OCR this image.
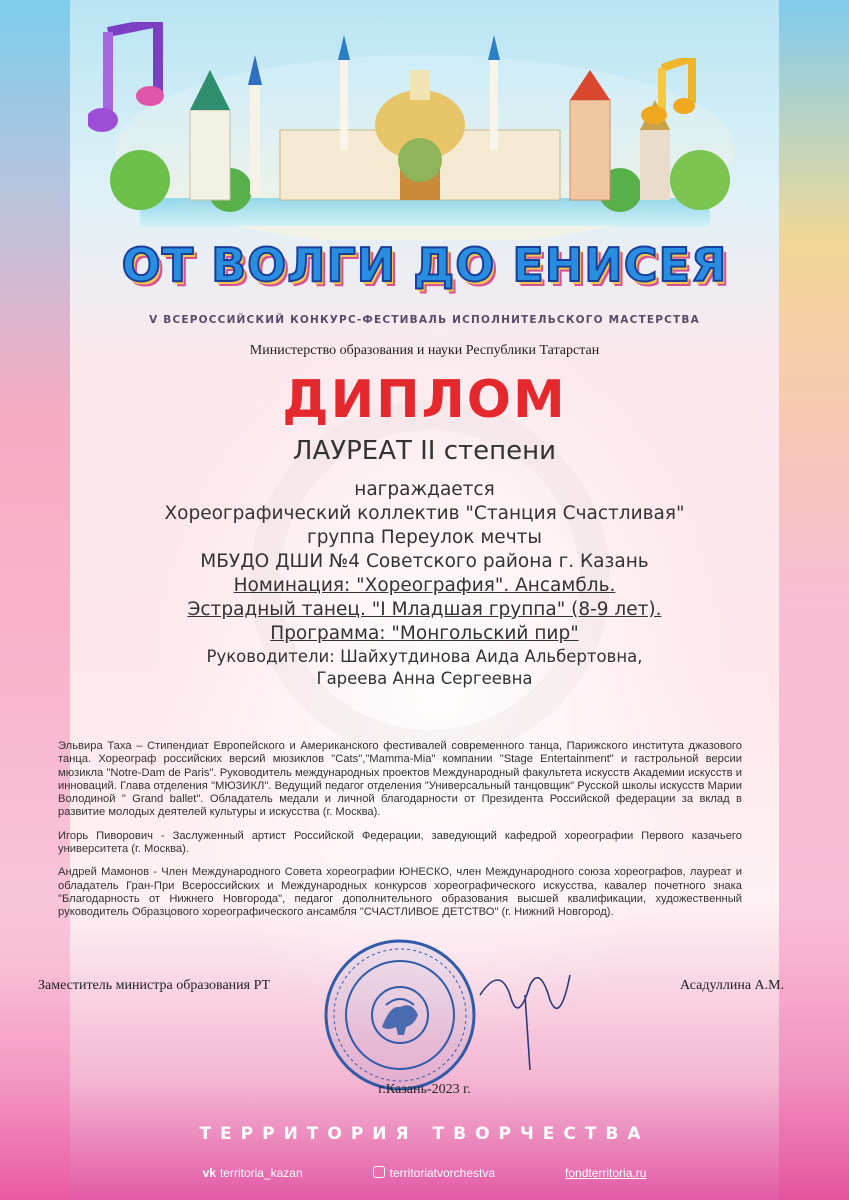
ОТ ВОЛГИ ДО ЕНИСЕЯ
V ВСЕРОССИЙСКИЙ КОНКУРС-ФЕСТИВАЛЬ ИСПОЛНИТЕЛЬСКОГО МАСТЕРСТВА
Министерство образования и науки Республики Татарстан
ДИПЛОМ
ЛАУРЕАТ II степени
награждается
Хореографический коллектив "Станция Счастливая"
группа Переулок мечты
МБУДО ДШИ №4 Советского района г. Казань
Номинация: "Хореография". Ансамбль.
Эстрадный танец. "I Младшая группа" (8-9 лет).
Программа: "Монгольский пир"
Руководители: Шайхутдинова Аида Альбертовна,
Гареева Анна Сергеевна

Эльвира Таха – Стипендиат Европейского и Американского фестивалей современного танца, Парижского института джазового танца. Хореограф российских версий мюзиклов "Cats","Mamma-Mia" компании "Stage Entertainment" и гастрольной версии мюзикла "Notre-Dam de Paris". Руководитель международных проектов Международный факультета искусств Академии искусств и инноваций. Глава отделения "МЮЗИКЛ". Ведущий педагог отделения "Универсальный танцовщик" Русской школы искусств Марии Володиной " Grand ballet". Обладатель медали и личной благодарности от Президента Российской федерации за вклад в развитие молодых деятелей культуры и искусства (г. Москва).

Игорь Пиворович - Заслуженный артист Российской Федерации, заведующий кафедрой хореографии Первого казачьего университета (г. Москва).

Андрей Мамонов - Член Международного Совета хореографии ЮНЕСКО, член Международного союза хореографов, лауреат и обладатель Гран-При Всероссийских и Международных конкурсов хореографического искусства, кавалер почетного знака "Благодарность от Нижнего Новгорода", педагог дополнительного образования высшей квалификации, художественный руководитель Образцового хореографического ансамбля "СЧАСТЛИВОЕ ДЕТСТВО" (г. Нижний Новгород).

Заместитель министра образования РТ	Асадуллина А.М.
г.Казань-2023 г.
ТЕРРИТОРИЯ ТВОРЧЕСТВА
vk territoria_kazan	territoriatvorchestva	fondterritoria.ru
